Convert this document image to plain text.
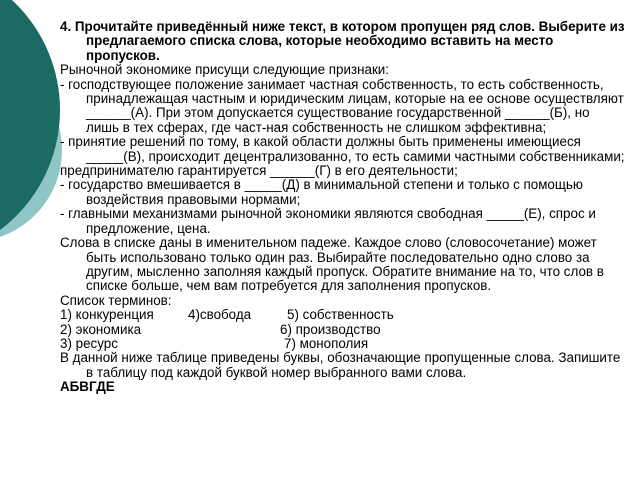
4. Прочитайте приведённый ниже текст, в котором пропущен ряд слов. Выберите из предлагаемого списка слова, которые необходимо вставить на место пропусков.

Рыночной экономике присущи следующие признаки:

- господствующее положение занимает частная собственность, то есть собственность, принадлежащая частным и юридическим лицам, которые на ее основе осуществляют ______(А). При этом допускается существование государственной ______(Б), но лишь в тех сферах, где част-ная собственность не слишком эффективна;

- принятие решений по тому, в какой области должны быть применены имеющиеся _____(В), происходит децентрализованно, то есть самими частными собственниками;

предпринимателю гарантируется ______(Г) в его деятельности;

- государство вмешивается в _____(Д) в минимальной степени и только с помощью воздействия правовыми нормами;

- главными механизмами рыночной экономики являются свободная _____(Е), спрос и предложение, цена.

Слова в списке даны в именительном падеже. Каждое слово (словосочетание) может быть использовано только один раз. Выбирайте последовательно одно слово за другим, мысленно заполняя каждый пропуск. Обратите внимание на то, что слов в списке больше, чем вам потребуется для заполнения пропусков.

Список терминов:

1) конкуренция	4)свобода	5) собственность
2) экономика	6) производство
3) ресурс	7) монополия

В данной ниже таблице приведены буквы, обозначающие пропущенные слова. Запишите в таблицу под каждой буквой номер выбранного вами слова.

АБВГДЕ
